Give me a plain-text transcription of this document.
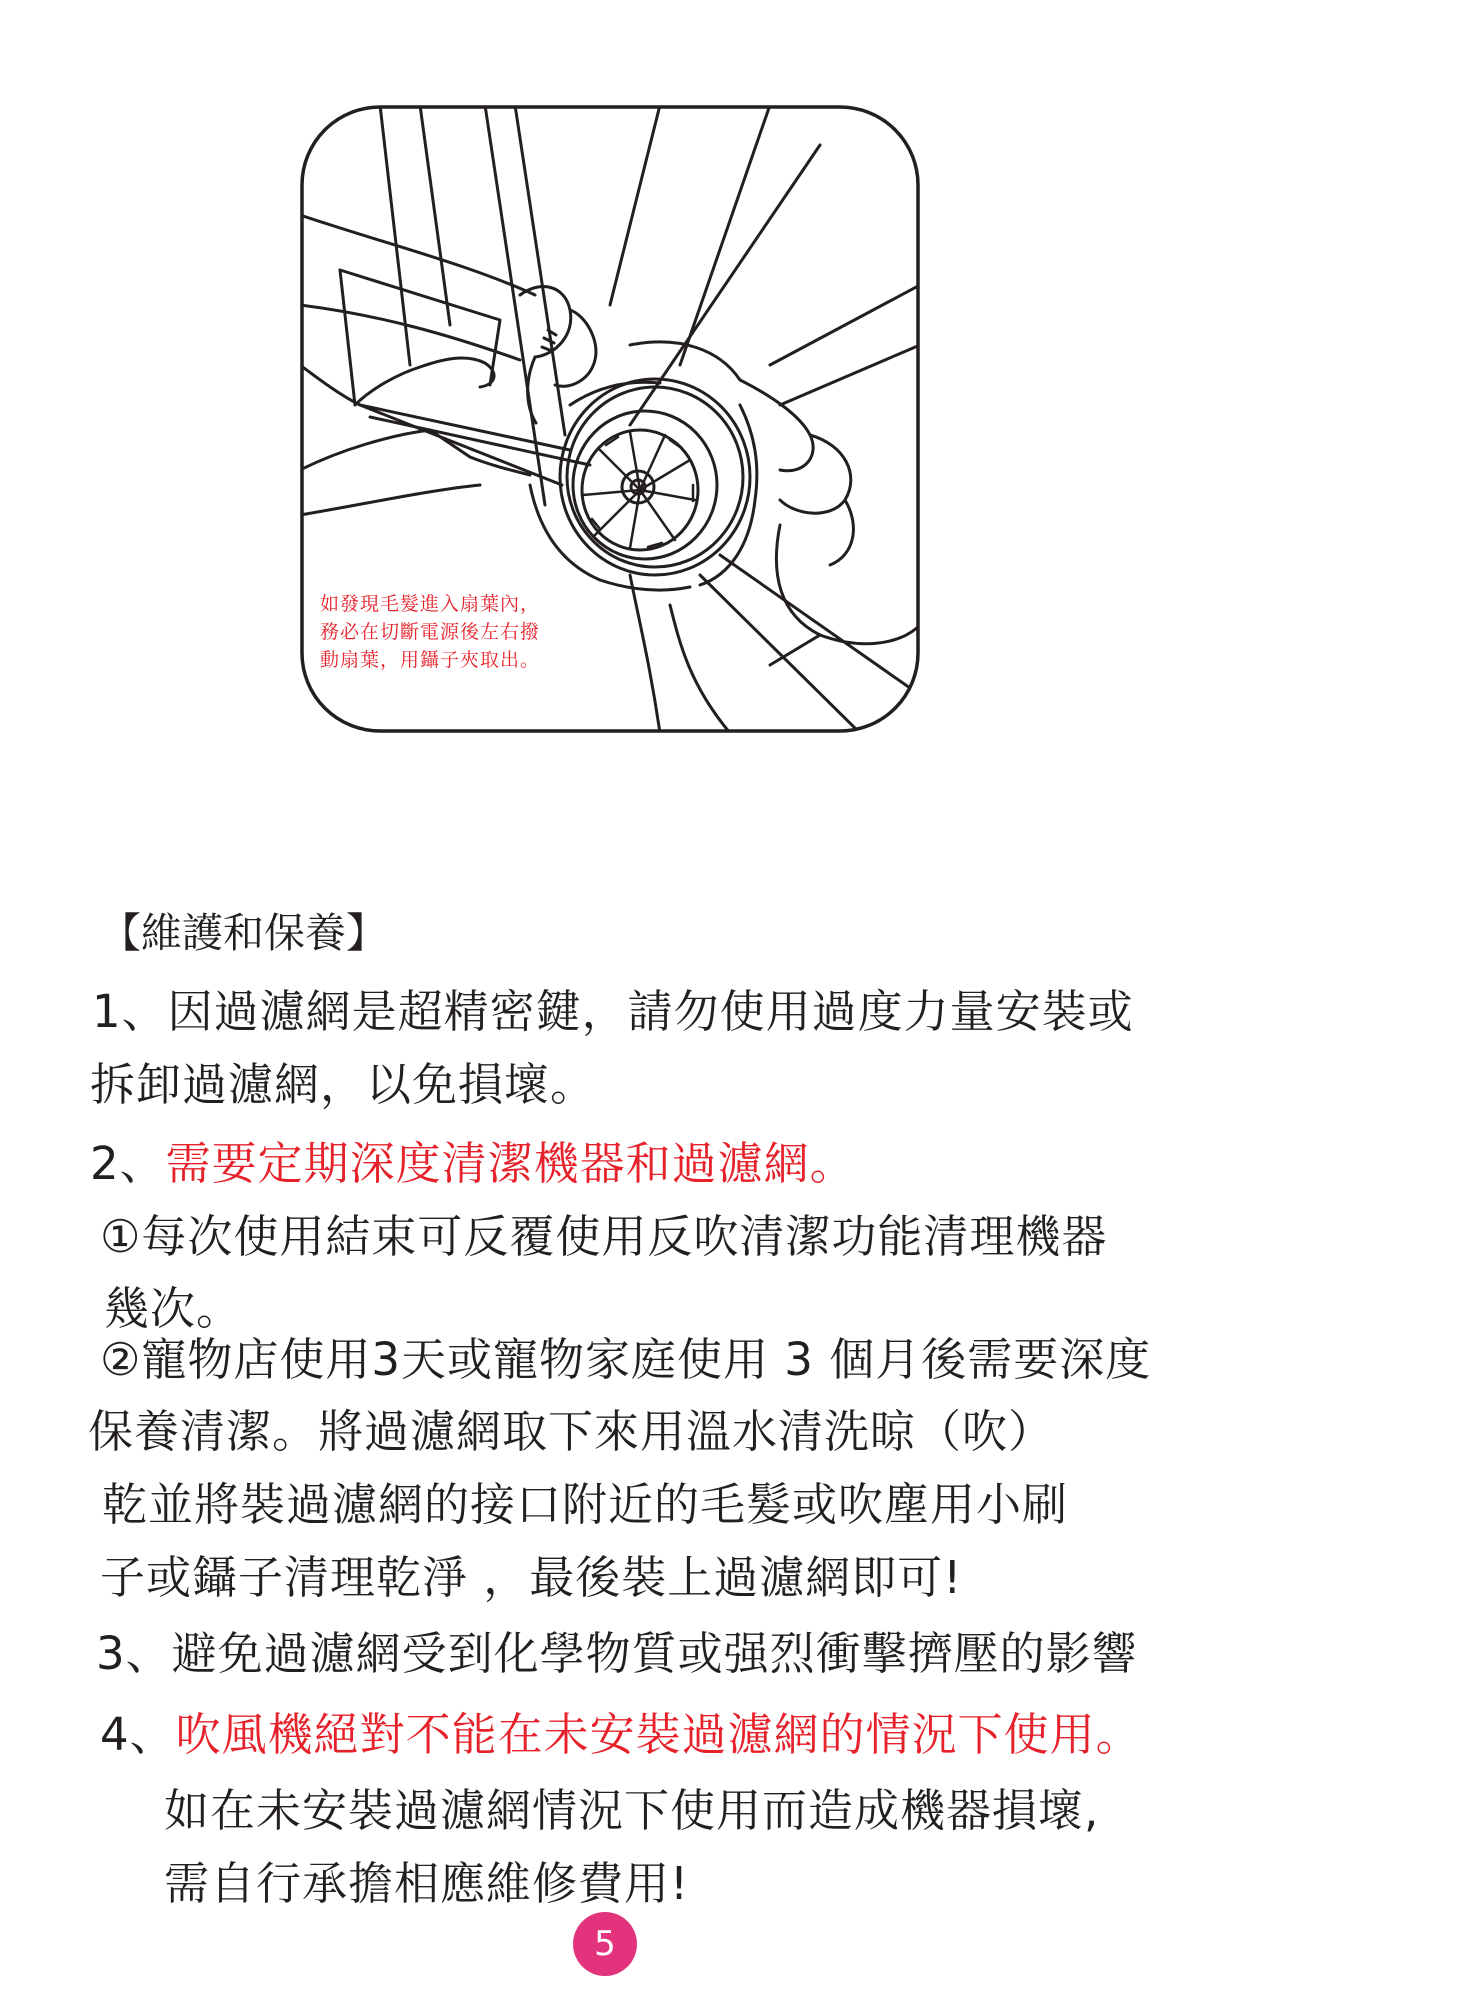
如發現毛髮進入扇葉內，
務必在切斷電源後左右撥
動扇葉，用鑷子夾取出。
【維護和保養】
1、因過濾網是超精密鍵，請勿使用過度力量安裝或
拆卸過濾網，以免損壞。
2、需要定期深度清潔機器和過濾網。
①每次使用結束可反覆使用反吹清潔功能清理機器
幾次。
②寵物店使用3天或寵物家庭使用 3 個月後需要深度
保養清潔。將過濾網取下來用溫水清洗晾（吹）
乾並將裝過濾網的接口附近的毛髮或吹塵用小刷
子或鑷子清理乾淨 ，最後裝上過濾網即可!
3、避免過濾網受到化學物質或强烈衝擊擠壓的影響
4、吹風機絕對不能在未安裝過濾網的情況下使用。
如在未安裝過濾網情況下使用而造成機器損壞,
需自行承擔相應維修費用!
5
